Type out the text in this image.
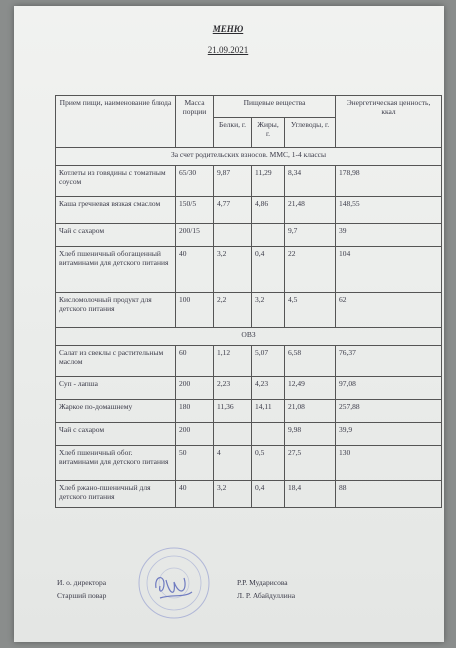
МЕНЮ
21.09.2021
Прием пищи, наименование блюда	Масса порции	Пищевые вещества			Энергетическая ценность, ккал
		Белки, г.	Жиры, г.	Углеводы, г.	
За счет родительских взносов. ММС, 1-4 классы					
Котлеты из говядины с томатным соусом	65/30	9,87	11,29	8,34	178,98
Каша гречневая вязкая смаслом	150/5	4,77	4,86	21,48	148,55
Чай с сахаром	200/15			9,7	39
Хлеб пшеничный обогащенный витаминами для детского питания	40	3,2	0,4	22	104
Кисломолочный продукт для детского питания	100	2,2	3,2	4,5	62
ОВЗ					
Салат из свеклы с растительным маслом	60	1,12	5,07	6,58	76,37
Суп - лапша	200	2,23	4,23	12,49	97,08
Жаркое по-домашнему	180	11,36	14,11	21,08	257,88
Чай с сахаром	200			9,98	39,9
Хлеб пшеничный обог. витаминами для детского питания	50	4	0,5	27,5	130
Хлеб ржано-пшеничный для детского питания	40	3,2	0,4	18,4	88
И. о. директора
Старший повар
Р.Р. Мударисова
Л. Р. Абайдуллина
